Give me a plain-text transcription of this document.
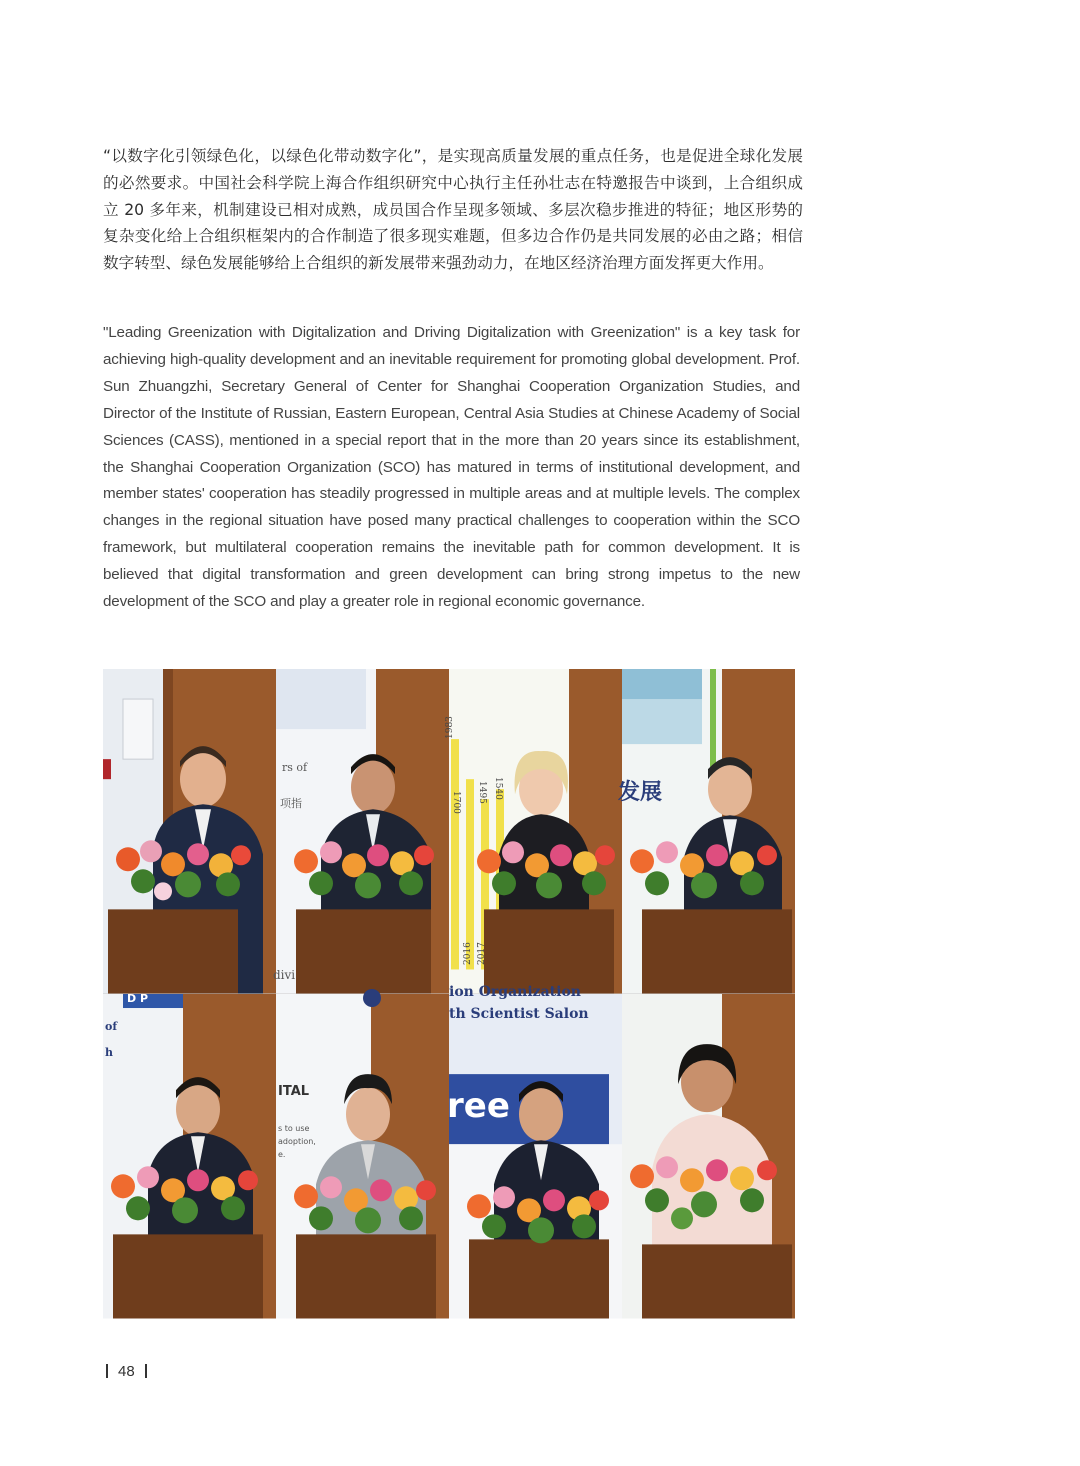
“以数字化引领绿色化，以绿色化带动数字化”，是实现高质量发展的重点任务，也是促进全球化发展的必然要求。中国社会科学院上海合作组织研究中心执行主任孙壮志在特邀报告中谈到，上合组织成立 20 多年来，机制建设已相对成熟，成员国合作呈现多领域、多层次稳步推进的特征；地区形势的复杂变化给上合组织框架内的合作制造了很多现实难题，但多边合作仍是共同发展的必由之路；相信数字转型、绿色发展能够给上合组织的新发展带来强劲动力，在地区经济治理方面发挥更大作用。

"Leading Greenization with Digitalization and Driving Digitalization with Greenization" is a key task for achieving high-quality development and an inevitable requirement for promoting global development. Prof. Sun Zhuangzhi, Secretary General of Center for Shanghai Cooperation Organization Studies, and Director of the Institute of Russian, Eastern European, Central Asia Studies at Chinese Academy of Social Sciences (CASS), mentioned in a special report that in the more than 20 years since its establishment, the Shanghai Cooperation Organization (SCO) has matured in terms of institutional development, and member states' cooperation has steadily progressed in multiple areas and at multiple levels. The complex changes in the regional situation have posed many practical challenges to cooperation within the SCO framework, but multilateral cooperation remains the inevitable path for common development. It is believed that digital transformation and green development can bring strong impetus to the new development of the SCO and play a greater role in regional economic governance.

rs of
项指
1983
1700 1495 1540
2016 2017
发展
D P
of
h
divi
ITAL
s to use
adoption,
e.
ion Organization
th Scientist Salon
ree
48
